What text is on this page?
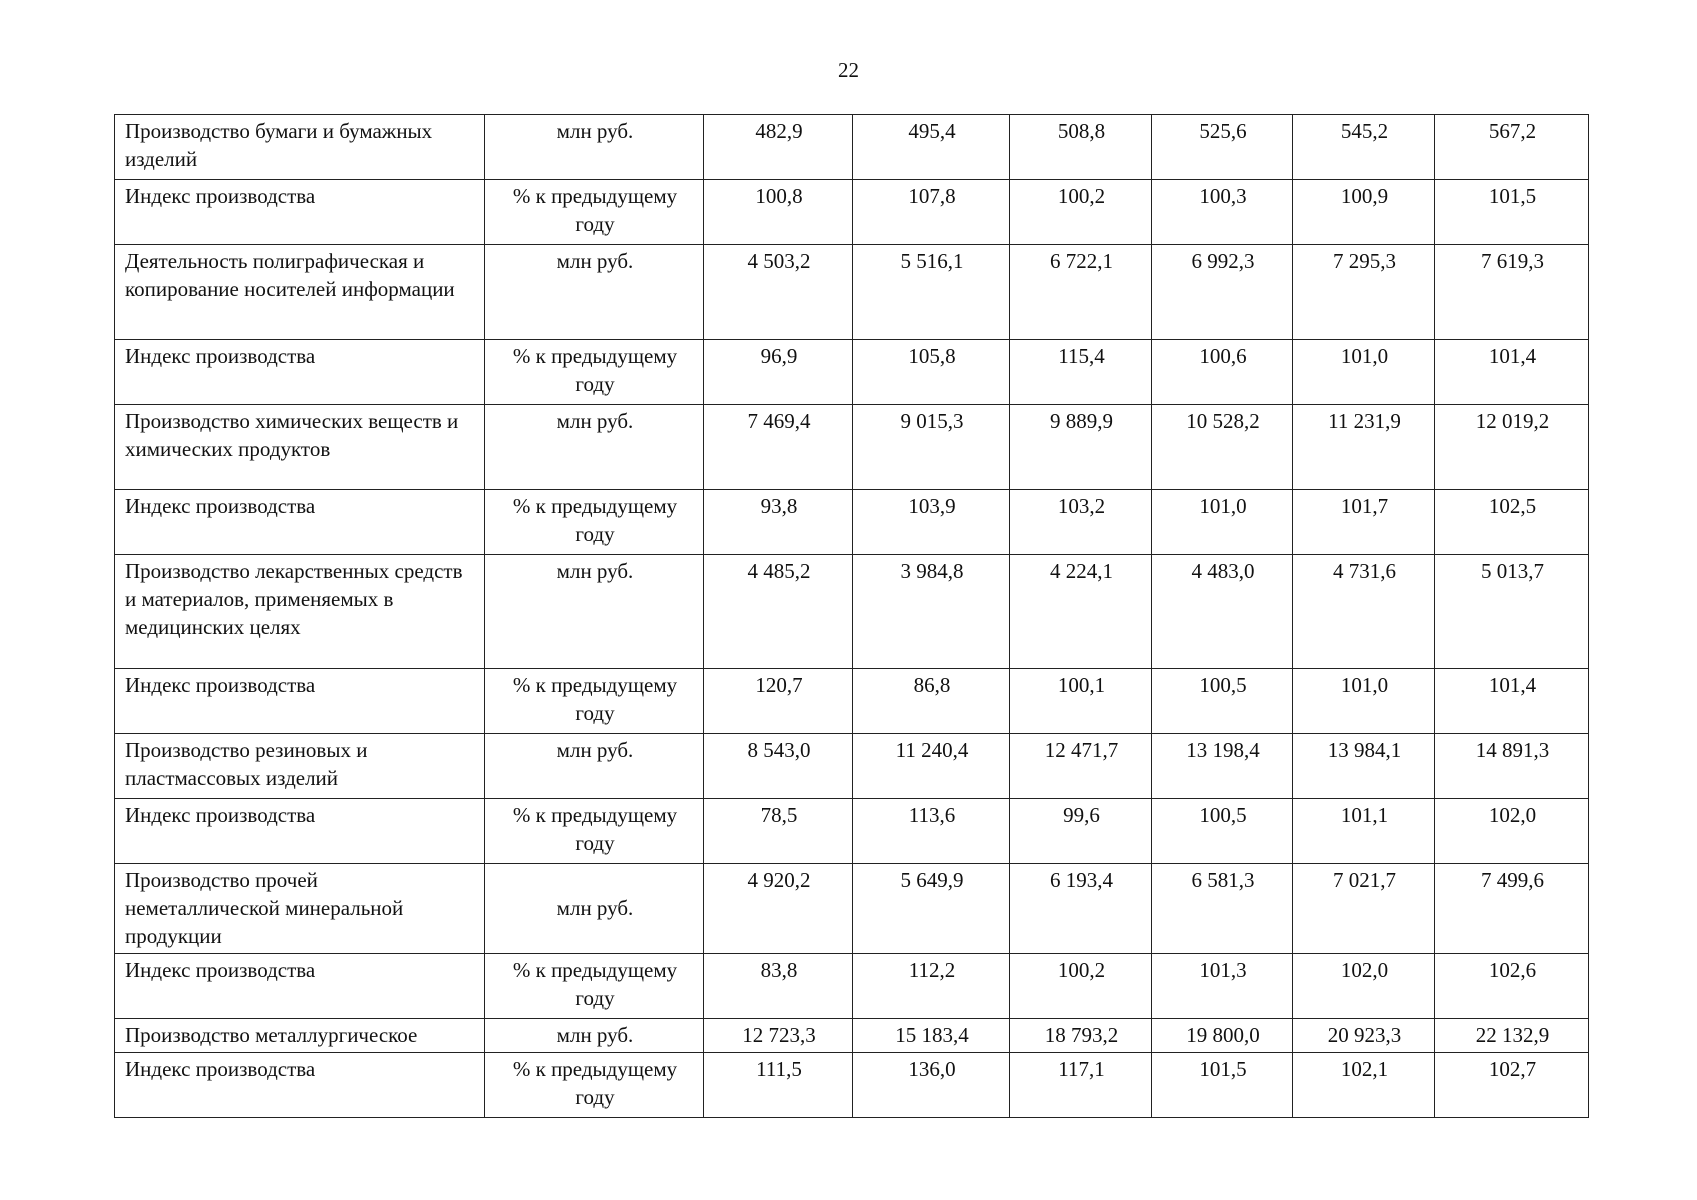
22
Производство бумаги и бумажных изделий	млн руб.	482,9	495,4	508,8	525,6	545,2	567,2
Индекс производства	% к предыдущему году	100,8	107,8	100,2	100,3	100,9	101,5
Деятельность полиграфическая и копирование носителей информации	млн руб.	4 503,2	5 516,1	6 722,1	6 992,3	7 295,3	7 619,3
Индекс производства	% к предыдущему году	96,9	105,8	115,4	100,6	101,0	101,4
Производство химических веществ и химических продуктов	млн руб.	7 469,4	9 015,3	9 889,9	10 528,2	11 231,9	12 019,2
Индекс производства	% к предыдущему году	93,8	103,9	103,2	101,0	101,7	102,5
Производство лекарственных средств и материалов, применяемых в медицинских целях	млн руб.	4 485,2	3 984,8	4 224,1	4 483,0	4 731,6	5 013,7
Индекс производства	% к предыдущему году	120,7	86,8	100,1	100,5	101,0	101,4
Производство резиновых и пластмассовых изделий	млн руб.	8 543,0	11 240,4	12 471,7	13 198,4	13 984,1	14 891,3
Индекс производства	% к предыдущему году	78,5	113,6	99,6	100,5	101,1	102,0
Производство прочей неметаллической минеральной продукции	млн руб.	4 920,2	5 649,9	6 193,4	6 581,3	7 021,7	7 499,6
Индекс производства	% к предыдущему году	83,8	112,2	100,2	101,3	102,0	102,6
Производство металлургическое	млн руб.	12 723,3	15 183,4	18 793,2	19 800,0	20 923,3	22 132,9
Индекс производства	% к предыдущему году	111,5	136,0	117,1	101,5	102,1	102,7
